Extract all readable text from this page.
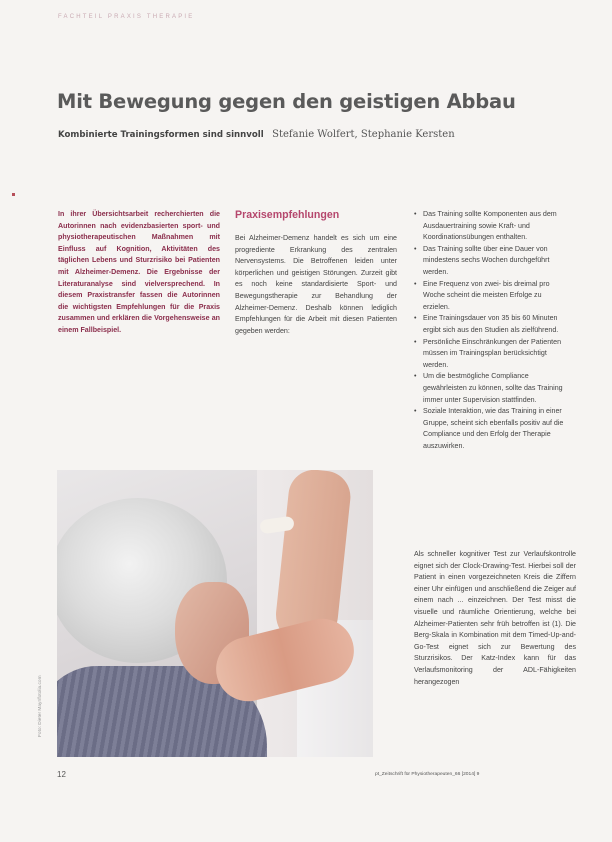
FACHTEIL PRAXIS THERAPIE
Mit Bewegung gegen den geistigen Abbau
Kombinierte Trainingsformen sind sinnvoll Stefanie Wolfert, Stephanie Kersten
In ihrer Übersichtsarbeit recherchierten die Autorinnen nach evidenzbasierten sport- und physiotherapeutischen Maßnahmen mit Einfluss auf Kognition, Aktivitäten des täglichen Lebens und Sturzrisiko bei Patienten mit Alzheimer-Demenz. Die Ergebnisse der Literaturanalyse sind vielversprechend. In diesem Praxistransfer fassen die Autorinnen die wichtigsten Empfehlungen für die Praxis zusammen und erklären die Vorgehensweise an einem Fallbeispiel.
Praxisempfehlungen

Bei Alzheimer-Demenz handelt es sich um eine progrediente Erkrankung des zentralen Nervensystems. Die Betroffenen leiden unter körperlichen und geistigen Störungen. Zurzeit gibt es noch keine standardisierte Sport- und Bewegungstherapie zur Behandlung der Alzheimer-Demenz. Deshalb können lediglich Empfehlungen für die Arbeit mit diesen Patienten gegeben werden:

• Das Training sollte Komponenten aus dem Ausdauertraining sowie Kraft- und Koordinationsübungen enthalten.
• Das Training sollte über eine Dauer von mindestens sechs Wochen durchgeführt werden.
• Eine Frequenz von zwei- bis dreimal pro Woche scheint die meisten Erfolge zu erzielen.
• Eine Trainingsdauer von 35 bis 60 Minuten ergibt sich aus den Studien als zielführend.
• Persönliche Einschränkungen der Patienten müssen im Trainingsplan berücksichtigt werden.
• Um die bestmögliche Compliance gewährleisten zu können, sollte das Training immer unter Supervision stattfinden.
• Soziale Interaktion, wie das Training in einer Gruppe, scheint sich ebenfalls positiv auf die Compliance und den Erfolg der Therapie auszuwirken.
Als schneller kognitiver Test zur Verlaufskontrolle eignet sich der Clock-Drawing-Test. Hierbei soll der Patient in einen vorgezeichneten Kreis die Ziffern einer Uhr einfügen und anschließend die Zeiger auf einem nach ... einzeichnen. Der Test misst die visuelle und räumliche Orientierung, welche bei Alzheimer-Patienten sehr früh betroffen ist (1). Die Berg-Skala in Kombination mit dem Timed-Up-and-Go-Test eignet sich zur Bewertung des Sturzrisikos. Der Katz-Index kann für das Verlaufsmonitoring der ADL-Fähigkeiten herangezogen
Foto: Dieter Mayr/fotolia.com
12	pt_Zeitschrift für Physiotherapeuten_66 [2014] 9
